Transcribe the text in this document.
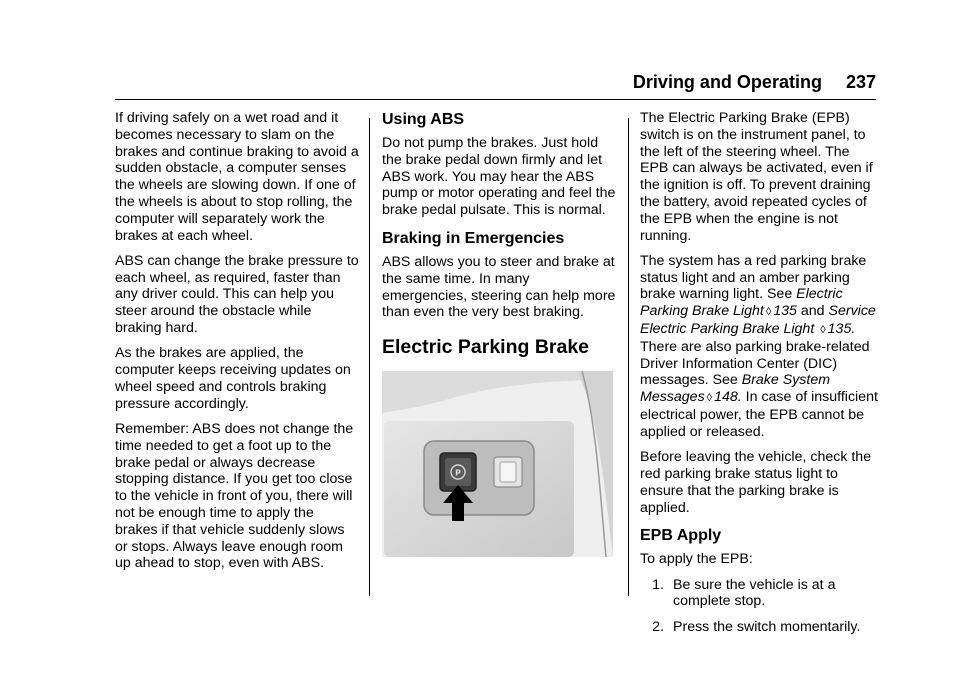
Driving and Operating 237

If driving safely on a wet road and it becomes necessary to slam on the brakes and continue braking to avoid a sudden obstacle, a computer senses the wheels are slowing down. If one of the wheels is about to stop rolling, the computer will separately work the brakes at each wheel.

ABS can change the brake pressure to each wheel, as required, faster than any driver could. This can help you steer around the obstacle while braking hard.

As the brakes are applied, the computer keeps receiving updates on wheel speed and controls braking pressure accordingly.

Remember: ABS does not change the time needed to get a foot up to the brake pedal or always decrease stopping distance. If you get too close to the vehicle in front of you, there will not be enough time to apply the brakes if that vehicle suddenly slows or stops. Always leave enough room up ahead to stop, even with ABS.

Using ABS

Do not pump the brakes. Just hold the brake pedal down firmly and let ABS work. You may hear the ABS pump or motor operating and feel the brake pedal pulsate. This is normal.

Braking in Emergencies

ABS allows you to steer and brake at the same time. In many emergencies, steering can help more than even the very best braking.

Electric Parking Brake
P

The Electric Parking Brake (EPB) switch is on the instrument panel, to the left of the steering wheel. The EPB can always be activated, even if the ignition is off. To prevent draining the battery, avoid repeated cycles of the EPB when the engine is not running.

The system has a red parking brake status light and an amber parking brake warning light. See Electric Parking Brake Light ◊ 135 and Service Electric Parking Brake Light ◊ 135. There are also parking brake-related Driver Information Center (DIC) messages. See Brake System Messages ◊ 148. In case of insufficient electrical power, the EPB cannot be applied or released.

Before leaving the vehicle, check the red parking brake status light to ensure that the parking brake is applied.

EPB Apply

To apply the EPB:

1. Be sure the vehicle is at a complete stop.
2. Press the switch momentarily.
